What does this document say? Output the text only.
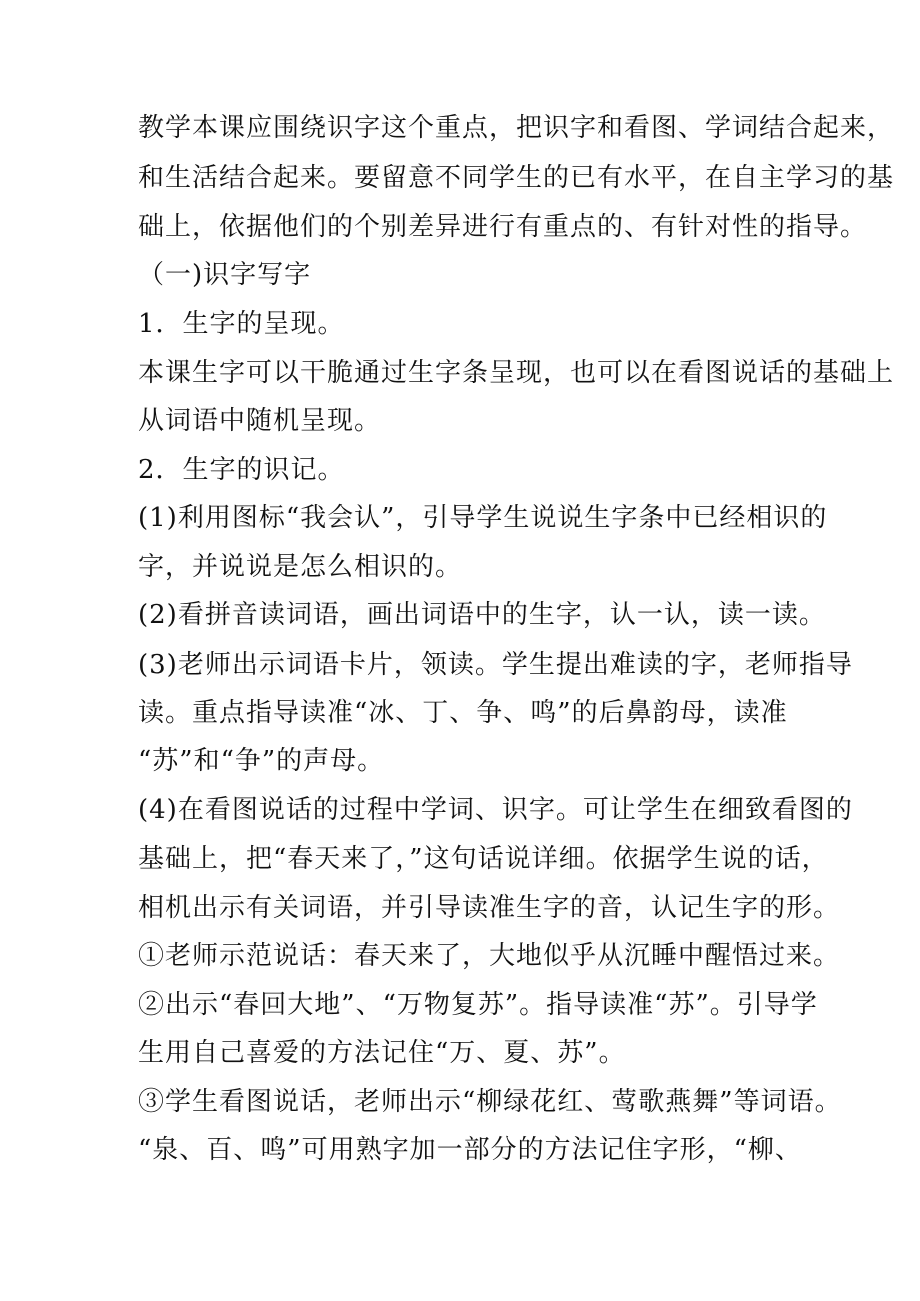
教学本课应围绕识字这个重点，把识字和看图、学词结合起来，
和生活结合起来。要留意不同学生的已有水平，在自主学习的基
础上，依据他们的个别差异进行有重点的、有针对性的指导。
（一)识字写字
1．生字的呈现。
本课生字可以干脆通过生字条呈现，也可以在看图说话的基础上
从词语中随机呈现。
2．生字的识记。
(1)利用图标“我会认”，引导学生说说生字条中已经相识的
字，并说说是怎么相识的。
(2)看拼音读词语，画出词语中的生字，认一认，读一读。
(3)老师出示词语卡片，领读。学生提出难读的字，老师指导
读。重点指导读准“冰、丁、争、鸣”的后鼻韵母，读准
“苏”和“争”的声母。
(4)在看图说话的过程中学词、识字。可让学生在细致看图的
基础上，把“春天来了，”这句话说详细。依据学生说的话，
相机出示有关词语，并引导读准生字的音，认记生字的形。
①老师示范说话：春天来了，大地似乎从沉睡中醒悟过来。
②出示“春回大地”、“万物复苏”。指导读准“苏”。引导学
生用自己喜爱的方法记住“万、夏、苏”。
③学生看图说话，老师出示“柳绿花红、莺歌燕舞”等词语。
“泉、百、鸣”可用熟字加一部分的方法记住字形，“柳、
